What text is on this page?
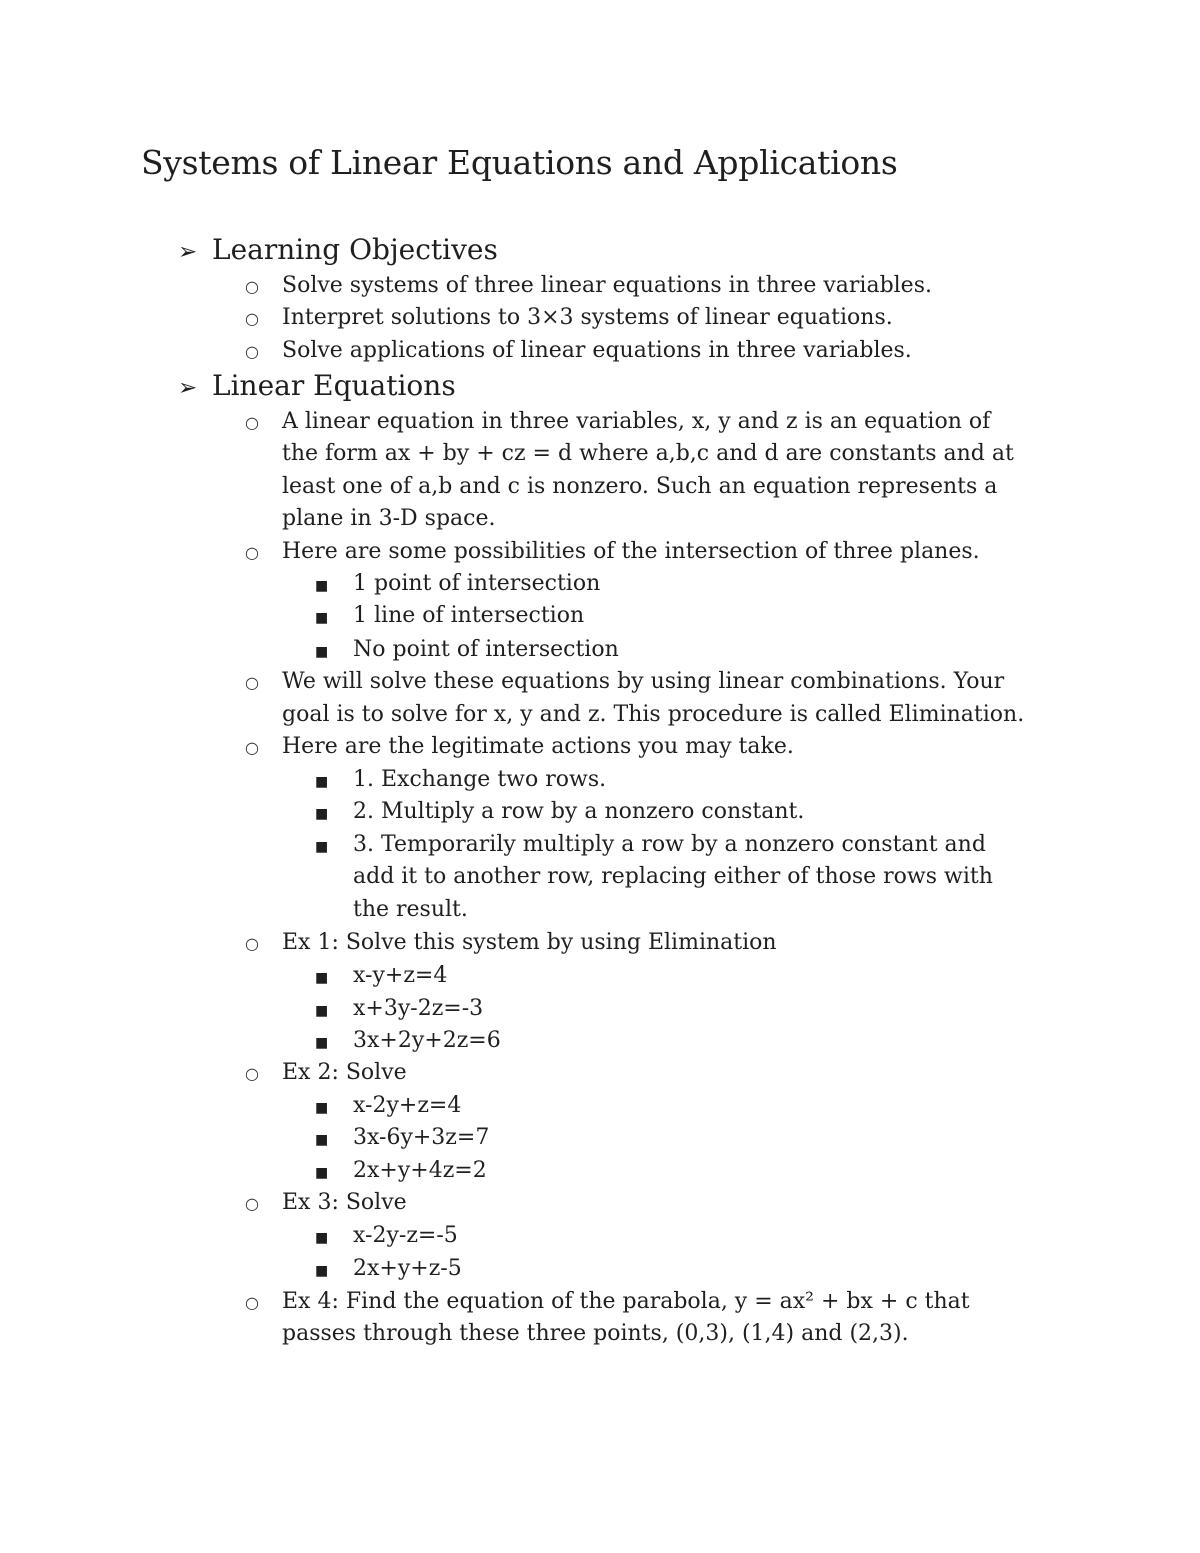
Systems of Linear Equations and Applications
➢ Learning Objectives
○ Solve systems of three linear equations in three variables.
○ Interpret solutions to 3×3 systems of linear equations.
○ Solve applications of linear equations in three variables.
➢ Linear Equations
○ A linear equation in three variables, x, y and z is an equation of
the form ax + by + cz = d where a,b,c and d are constants and at
least one of a,b and c is nonzero. Such an equation represents a
plane in 3-D space.
○ Here are some possibilities of the intersection of three planes.
■ 1 point of intersection
■ 1 line of intersection
■ No point of intersection
○ We will solve these equations by using linear combinations. Your
goal is to solve for x, y and z. This procedure is called Elimination.
○ Here are the legitimate actions you may take.
■ 1. Exchange two rows.
■ 2. Multiply a row by a nonzero constant.
■ 3. Temporarily multiply a row by a nonzero constant and
add it to another row, replacing either of those rows with
the result.
○ Ex 1: Solve this system by using Elimination
■ x-y+z=4
■ x+3y-2z=-3
■ 3x+2y+2z=6
○ Ex 2: Solve
■ x-2y+z=4
■ 3x-6y+3z=7
■ 2x+y+4z=2
○ Ex 3: Solve
■ x-2y-z=-5
■ 2x+y+z-5
○ Ex 4: Find the equation of the parabola, y = ax² + bx + c that
passes through these three points, (0,3), (1,4) and (2,3).
